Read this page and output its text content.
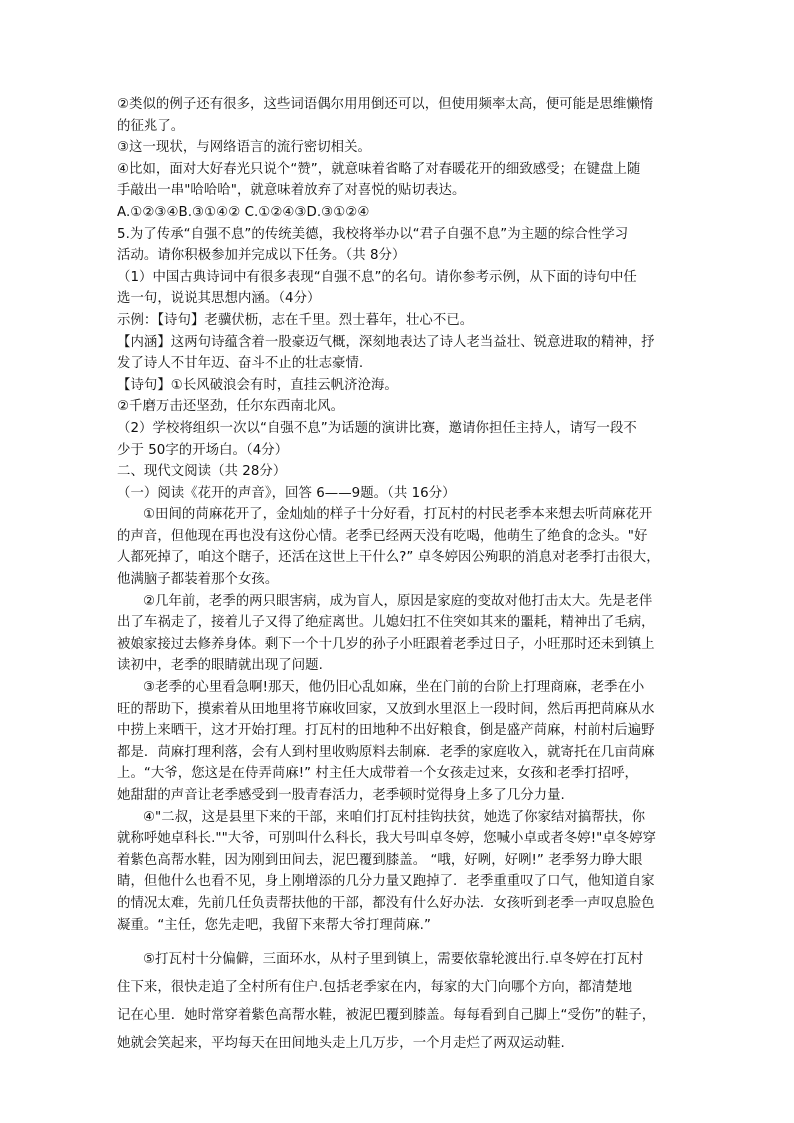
②类似的例子还有很多，这些词语偶尔用用倒还可以，但使用频率太高，便可能是思维懒惰
的征兆了。
③这一现状，与网络语言的流行密切相关。
④比如，面对大好春光只说个“赞”，就意味着省略了对春暖花开的细致感受；在键盘上随
手敲出一串"哈哈哈"，就意味着放弃了对喜悦的贴切表达。
A.①②③④B.③①④② C.①②④③D.③①②④
5.为了传承“自强不息”的传统美德，我校将举办以“君子自强不息”为主题的综合性学习
活动。请你积极参加并完成以下任务。（共 8分）
（1）中国古典诗词中有很多表现“自强不息”的名句。请你参考示例，从下面的诗句中任
选一句，说说其思想内涵。（4分）
示例：【诗句】老骥伏枥，志在千里。烈士暮年，壮心不已。
【内涵】这两句诗蕴含着一股豪迈气概，深刻地表达了诗人老当益壮、锐意进取的精神，抒
发了诗人不甘年迈、奋斗不止的壮志豪情.
【诗句】①长风破浪会有时，直挂云帆济沧海。
②千磨万击还坚劲，任尔东西南北风。
（2）学校将组织一次以“自强不息”为话题的演讲比赛，邀请你担任主持人，请写一段不
少于 50字的开场白。（4分）
二、现代文阅读（共 28分）
（一）阅读《花开的声音》，回答 6——9题。（共 16分）
①田间的苘麻花开了，金灿灿的样子十分好看，打瓦村的村民老季本来想去听苘麻花开
的声音，但他现在再也没有这份心情。老季已经两天没有吃喝，他萌生了绝食的念头。"好
人都死掉了，咱这个瞎子，还活在这世上干什么?” 卓冬婷因公殉职的消息对老季打击很大，
他满脑子都装着那个女孩。
②几年前，老季的两只眼害病，成为盲人，原因是家庭的变故对他打击太大。先是老伴
出了车祸走了，接着儿子又得了绝症离世。儿媳妇扛不住突如其来的噩耗，精神出了毛病，
被娘家接过去修养身体。剩下一个十几岁的孙子小旺跟着老季过日子，小旺那时还未到镇上
读初中，老季的眼睛就出现了问题.
③老季的心里看急啊!那天，他仍旧心乱如麻，坐在门前的台阶上打理商麻，老季在小
旺的帮助下，摸索着从田地里将节麻收回家，又放到水里沤上一段时间，然后再把苘麻从水
中捞上来晒干，这才开始打理。打瓦村的田地种不出好粮食，倒是盛产苘麻，村前村后遍野
都是．苘麻打理利落，会有人到村里收购原料去制麻．老季的家庭收入，就寄托在几亩苘麻
上。“大爷，您这是在侍弄苘麻!” 村主任大成带着一个女孩走过来，女孩和老季打招呼，
她甜甜的声音让老季感受到一股青春活力，老季顿时觉得身上多了几分力量.
④"二叔，这是县里下来的干部，来咱们打瓦村挂钩扶贫，她选了你家结对搞帮扶，你
就称呼她卓科长.""大爷，可别叫什么科长，我大号叫卓冬婷，您喊小卓或者冬婷!"卓冬婷穿
着紫色高帮水鞋，因为刚到田间去，泥巴覆到膝盖。 “哦，好咧，好咧!” 老季努力睁大眼
睛，但他什么也看不见，身上刚增添的几分力量又跑掉了．老季重重叹了口气，他知道自家
的情况太难，先前几任负责帮扶他的干部，都没有什么好办法．女孩听到老季一声叹息脸色
凝重。“主任，您先走吧，我留下来帮大爷打理苘麻.”
⑤打瓦村十分偏僻，三面环水，从村子里到镇上，需要依靠轮渡出行.卓冬婷在打瓦村
住下来，很快走追了全村所有住户.包括老季家在内，每家的大门向哪个方向，都清楚地
记在心里．她时常穿着紫色高帮水鞋，被泥巴覆到膝盖。每每看到自己脚上“受伤”的鞋子，
她就会笑起来，平均每天在田间地头走上几万步，一个月走烂了两双运动鞋.
